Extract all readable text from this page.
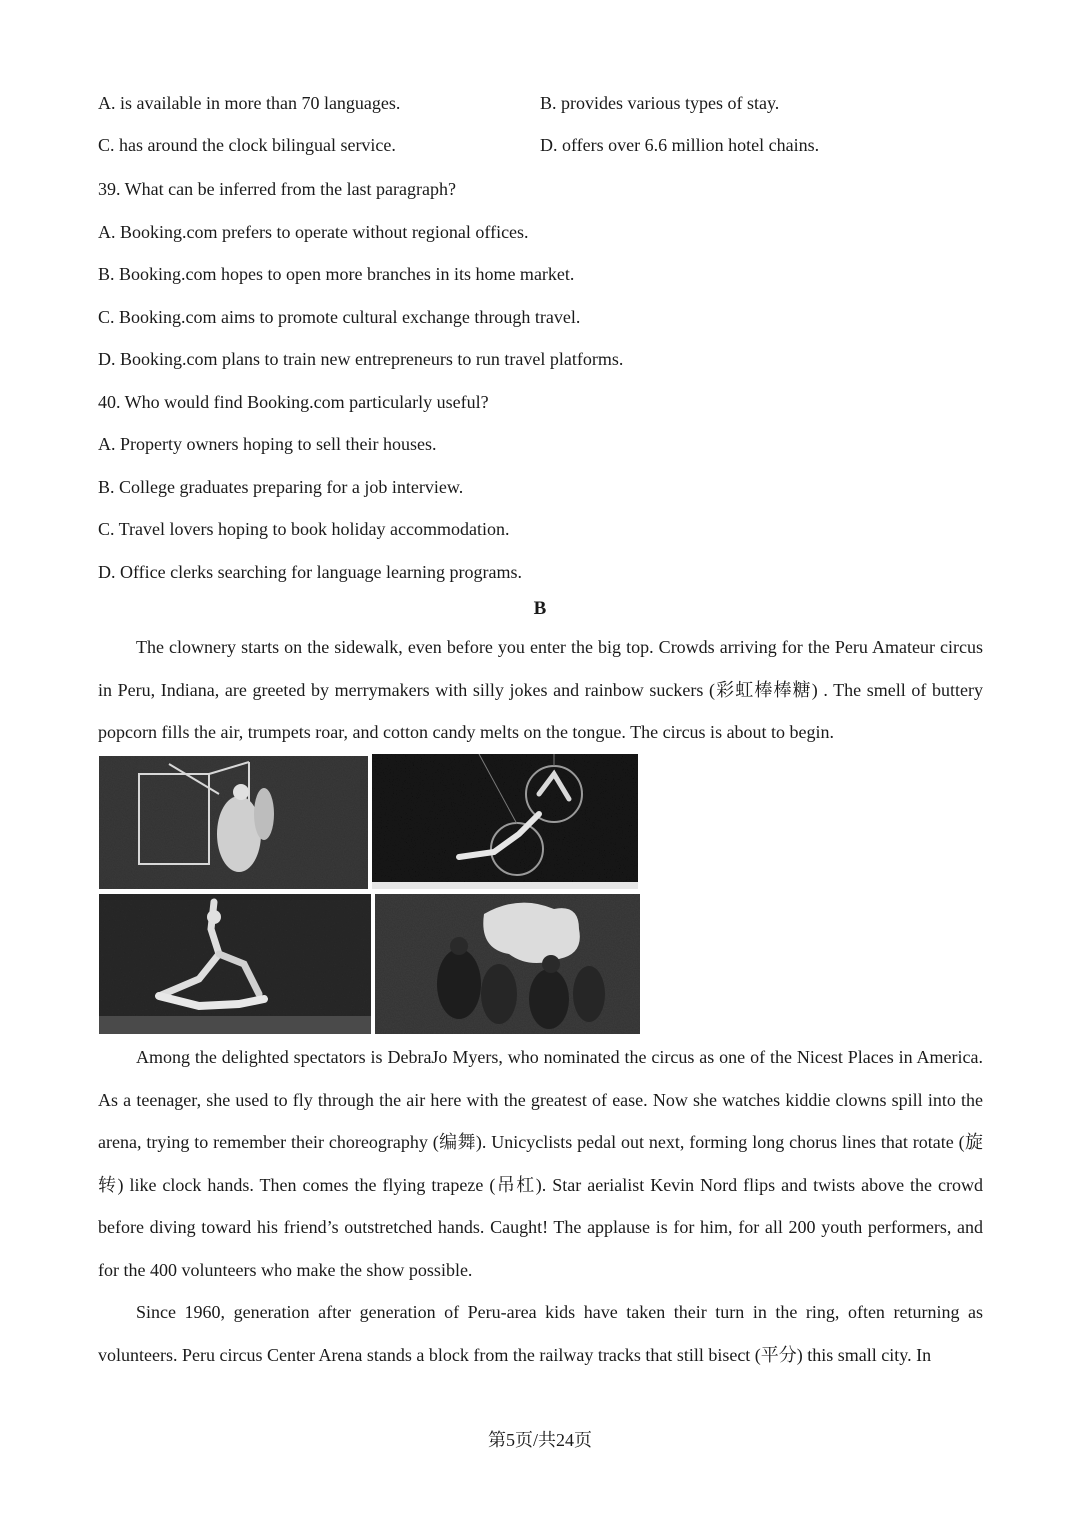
A. is available in more than 70 languages.	B. provides various types of stay.
C. has around the clock bilingual service.	D. offers over 6.6 million hotel chains.
39. What can be inferred from the last paragraph?
A. Booking.com prefers to operate without regional offices.
B. Booking.com hopes to open more branches in its home market.
C. Booking.com aims to promote cultural exchange through travel.
D. Booking.com plans to train new entrepreneurs to run travel platforms.
40. Who would find Booking.com particularly useful?
A. Property owners hoping to sell their houses.
B. College graduates preparing for a job interview.
C. Travel lovers hoping to book holiday accommodation.
D. Office clerks searching for language learning programs.
B
The clownery starts on the sidewalk, even before you enter the big top. Crowds arriving for the Peru Amateur circus in Peru, Indiana, are greeted by merrymakers with silly jokes and rainbow suckers (彩虹棒棒糖) . The smell of buttery popcorn fills the air, trumpets roar, and cotton candy melts on the tongue. The circus is about to begin.
Among the delighted spectators is DebraJo Myers, who nominated the circus as one of the Nicest Places in America. As a teenager, she used to fly through the air here with the greatest of ease. Now she watches kiddie clowns spill into the arena, trying to remember their choreography (编舞). Unicyclists pedal out next, forming long chorus lines that rotate (旋转) like clock hands. Then comes the flying trapeze (吊杠). Star aerialist Kevin Nord flips and twists above the crowd before diving toward his friend’s outstretched hands. Caught! The applause is for him, for all 200 youth performers, and for the 400 volunteers who make the show possible.
Since 1960, generation after generation of Peru-area kids have taken their turn in the ring, often returning as volunteers. Peru circus Center Arena stands a block from the railway tracks that still bisect (平分) this small city. In
第5页/共24页
